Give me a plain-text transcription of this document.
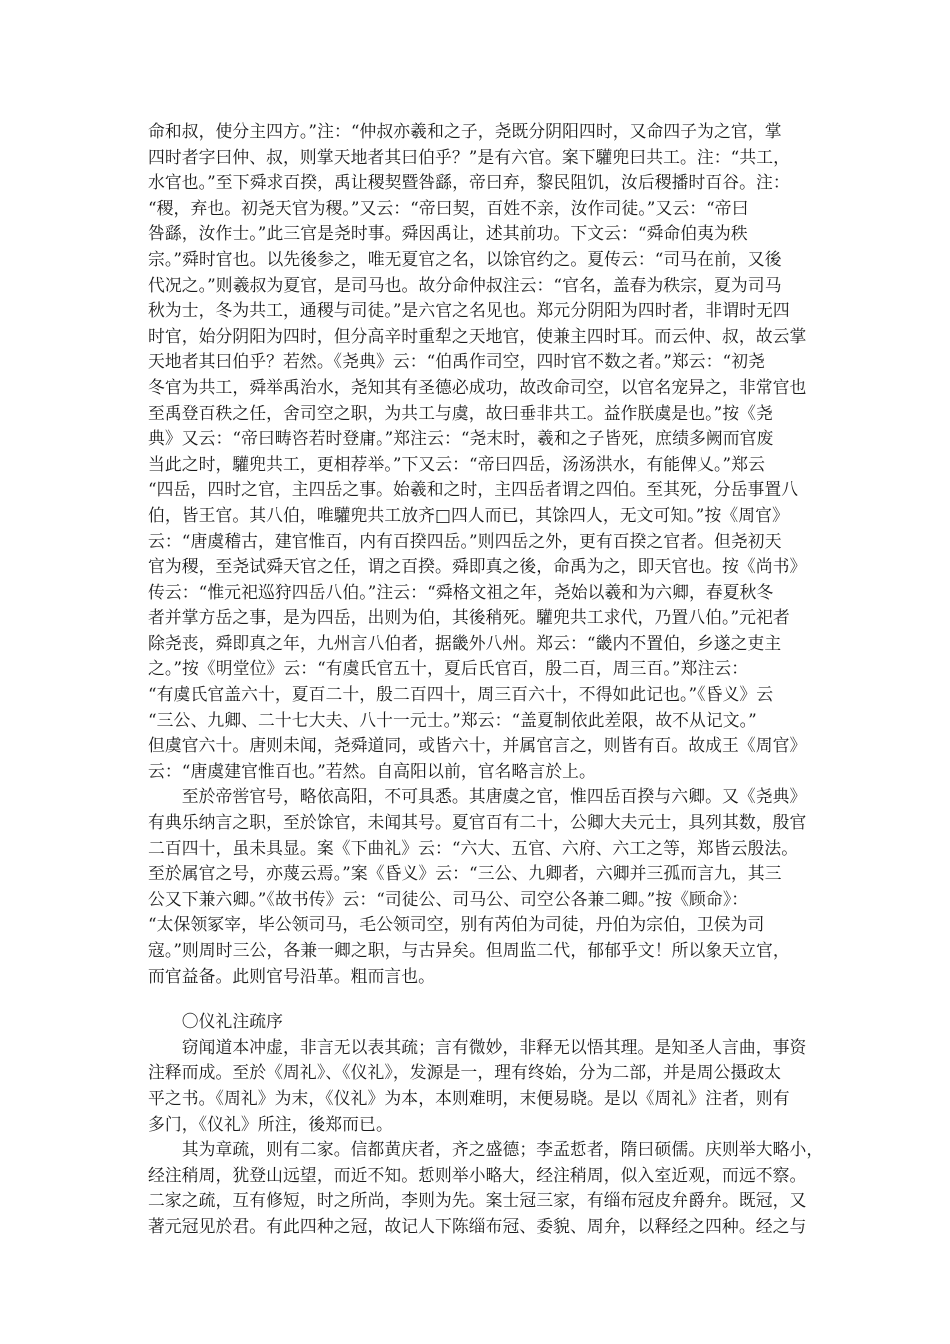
命和叔，使分主四方。”注：“仲叔亦羲和之子，尧既分阴阳四时，又命四子为之官，掌
四时者字曰仲、叔，则掌天地者其曰伯乎？”是有六官。案下驩兜曰共工。注：“共工，
水官也。”至下舜求百揆，禹让稷契暨咎繇，帝曰弃，黎民阻饥，汝后稷播时百谷。注：
“稷，弃也。初尧天官为稷。”又云：“帝曰契，百姓不亲，汝作司徒。”又云：“帝曰
咎繇，汝作士。”此三官是尧时事。舜因禹让，述其前功。下文云：“舜命伯夷为秩
宗。”舜时官也。以先後参之，唯无夏官之名，以馀官约之。夏传云：“司马在前，又後
代况之。”则羲叔为夏官，是司马也。故分命仲叔注云：“官名，盖春为秩宗，夏为司马
秋为士，冬为共工，通稷与司徒。”是六官之名见也。郑元分阴阳为四时者，非谓时无四
时官，始分阴阳为四时，但分高辛时重犁之天地官，使兼主四时耳。而云仲、叔，故云掌
天地者其曰伯乎？若然。《尧典》云：“伯禹作司空，四时官不数之者。”郑云：“初尧
冬官为共工，舜举禹治水，尧知其有圣德必成功，故改命司空，以官名宠异之，非常官也
至禹登百秩之任，舍司空之职，为共工与虞，故曰垂非共工。益作朕虞是也。”按《尧
典》又云：“帝曰畴咨若时登庸。”郑注云：“尧末时，羲和之子皆死，庶绩多阙而官废
当此之时，驩兜共工，更相荐举。”下又云：“帝曰四岳，汤汤洪水，有能俾乂。”郑云
“四岳，四时之官，主四岳之事。始羲和之时，主四岳者谓之四伯。至其死，分岳事置八
伯，皆王官。其八伯，唯驩兜共工放齐□四人而已，其馀四人，无文可知。”按《周官》
云：“唐虞稽古，建官惟百，内有百揆四岳。”则四岳之外，更有百揆之官者。但尧初天
官为稷，至尧试舜天官之任，谓之百揆。舜即真之後，命禹为之，即天官也。按《尚书》
传云：“惟元祀巡狩四岳八伯。”注云：“舜格文祖之年，尧始以羲和为六卿，春夏秋冬
者并掌方岳之事，是为四岳，出则为伯，其後稍死。驩兜共工求代，乃置八伯。”元祀者
除尧丧，舜即真之年，九州言八伯者，据畿外八州。郑云：“畿内不置伯，乡遂之吏主
之。”按《明堂位》云：“有虞氏官五十，夏后氏官百，殷二百，周三百。”郑注云：
“有虞氏官盖六十，夏百二十，殷二百四十，周三百六十，不得如此记也。”《昏义》云
“三公、九卿、二十七大夫、八十一元士。”郑云：“盖夏制依此差限，故不从记文。”
但虞官六十。唐则未闻，尧舜道同，或皆六十，并属官言之，则皆有百。故成王《周官》
云：“唐虞建官惟百也。”若然。自高阳以前，官名略言於上。
　　至於帝喾官号，略依高阳，不可具悉。其唐虞之官，惟四岳百揆与六卿。又《尧典》
有典乐纳言之职，至於馀官，未闻其号。夏官百有二十，公卿大夫元士，具列其数，殷官
二百四十，虽未具显。案《下曲礼》云：“六大、五官、六府、六工之等，郑皆云殷法。
至於属官之号，亦蔑云焉。”案《昏义》云：“三公、九卿者，六卿并三孤而言九，其三
公又下兼六卿。”《故书传》云：“司徒公、司马公、司空公各兼二卿。”按《顾命》：
“太保领冢宰，毕公领司马，毛公领司空，别有芮伯为司徒，丹伯为宗伯，卫侯为司
寇。”则周时三公，各兼一卿之职，与古异矣。但周监二代，郁郁乎文！所以象天立官，
而官益备。此则官号沿革。粗而言也。
　　〇仪礼注疏序
　　窃闻道本冲虚，非言无以表其疏；言有微妙，非释无以悟其理。是知圣人言曲，事资
注释而成。至於《周礼》、《仪礼》，发源是一，理有终始，分为二部，并是周公摄政太
平之书。《周礼》为末，《仪礼》为本，本则难明，末便易晓。是以《周礼》注者，则有
多门，《仪礼》所注，後郑而已。
　　其为章疏，则有二家。信都黄庆者，齐之盛德；李孟悊者，隋曰硕儒。庆则举大略小，
经注稍周，犹登山远望，而近不知。悊则举小略大，经注稍周，似入室近观，而远不察。
二家之疏，互有修短，时之所尚，李则为先。案士冠三家，有缁布冠皮弁爵弁。既冠，又
著元冠见於君。有此四种之冠，故记人下陈缁布冠、委貌、周弁，以释经之四种。经之与
